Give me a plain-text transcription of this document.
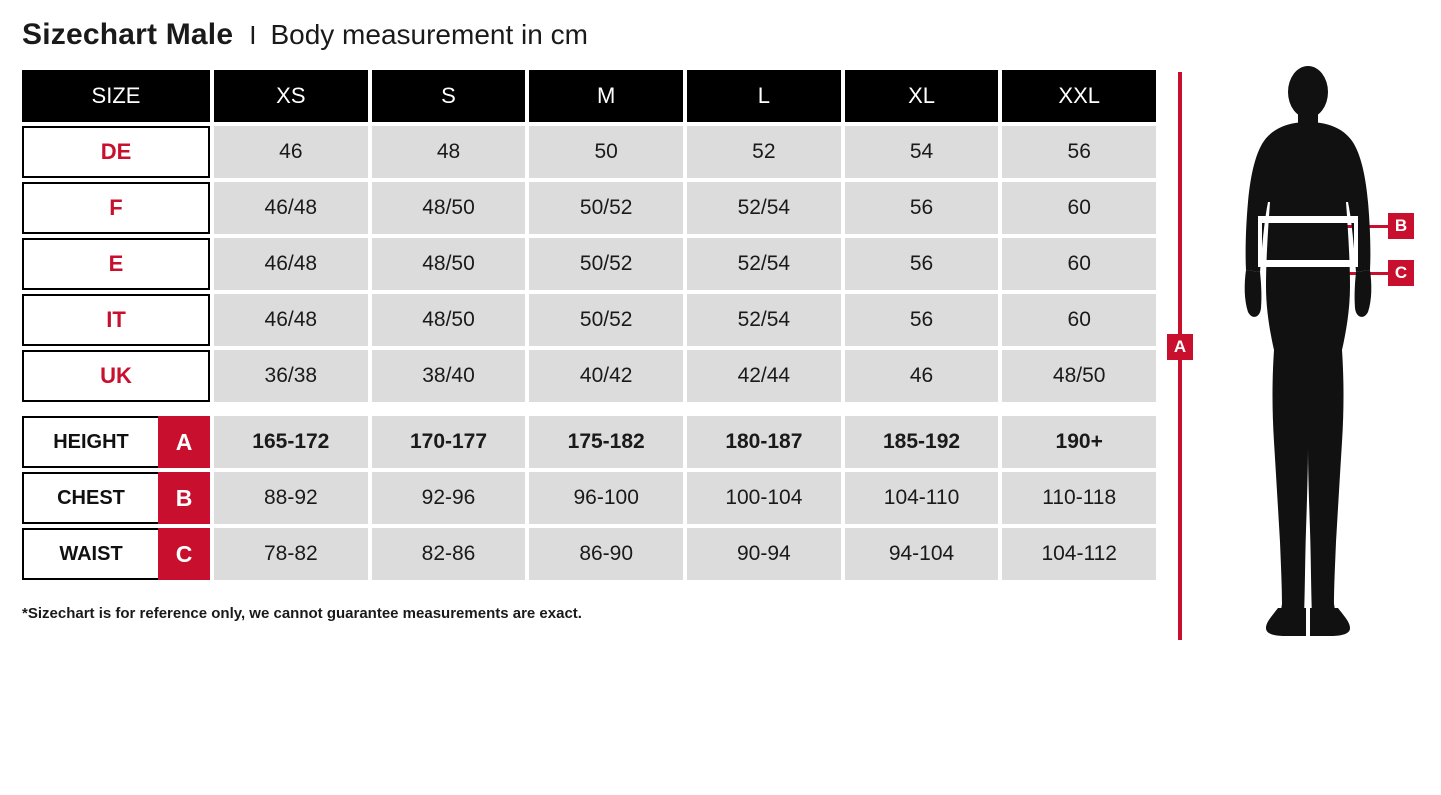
Sizechart Male I Body measurement in cm
SIZE	XS	S	M	L	XL	XXL
DE	46	48	50	52	54	56
F	46/48	48/50	50/52	52/54	56	60
E	46/48	48/50	50/52	52/54	56	60
IT	46/48	48/50	50/52	52/54	56	60
UK	36/38	38/40	40/42	42/44	46	48/50
HEIGHT	A	165-172	170-177	175-182	180-187	185-192	190+
CHEST	B	88-92	92-96	96-100	100-104	104-110	110-118
WAIST	C	78-82	82-86	86-90	90-94	94-104	104-112
*Sizechart is for reference only, we cannot guarantee measurements are exact.
A
B
C
